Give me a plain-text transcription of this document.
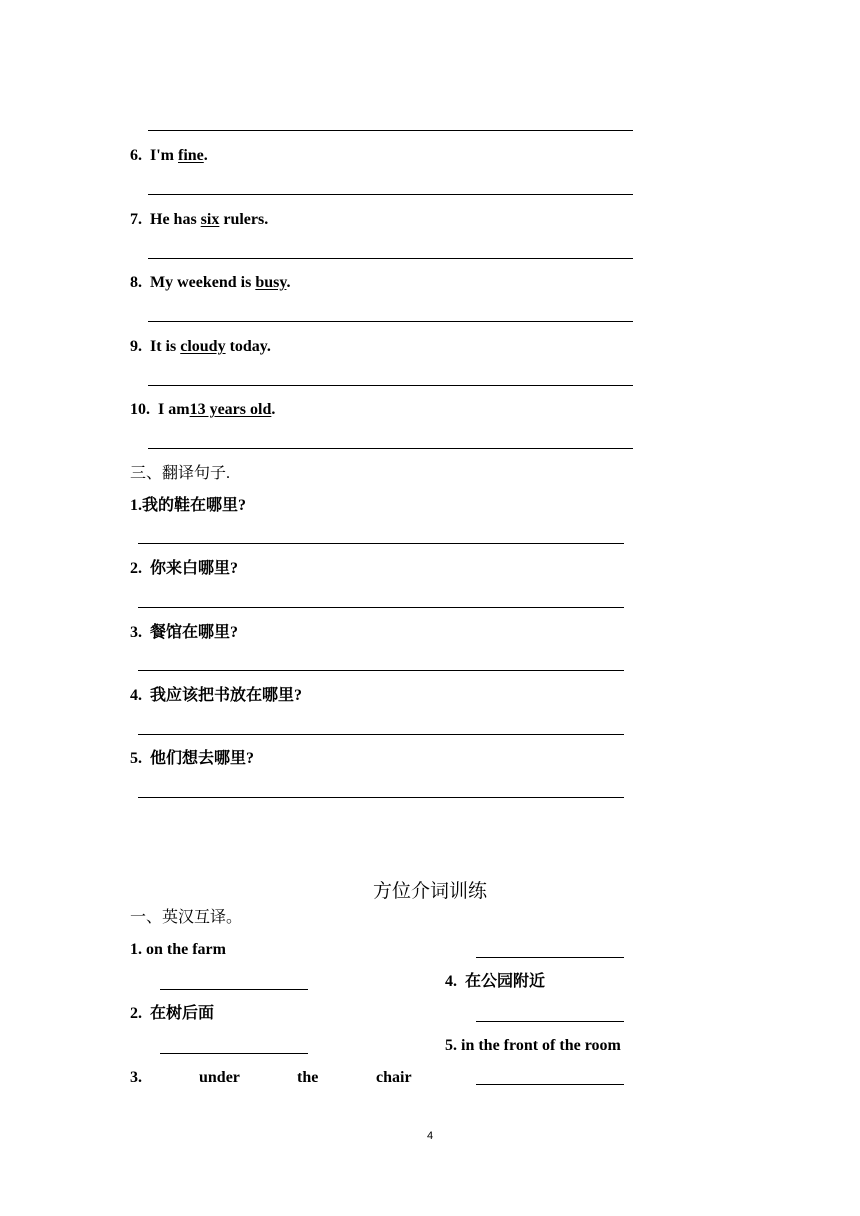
6. I'm fine.
7. He has six rulers.
8. My weekend is busy.
9. It is cloudy today.
10. I am13 years old.
三、翻译句子.
1.我的鞋在哪里?
2. 你来白哪里?
3. 餐馆在哪里?
4. 我应该把书放在哪里?
5. 他们想去哪里?
方位介词训练
一、英汉互译。
1. on the farm
4. 在公园附近
2. 在树后面
5. in the front of the room
3.	under	the	chair
4
